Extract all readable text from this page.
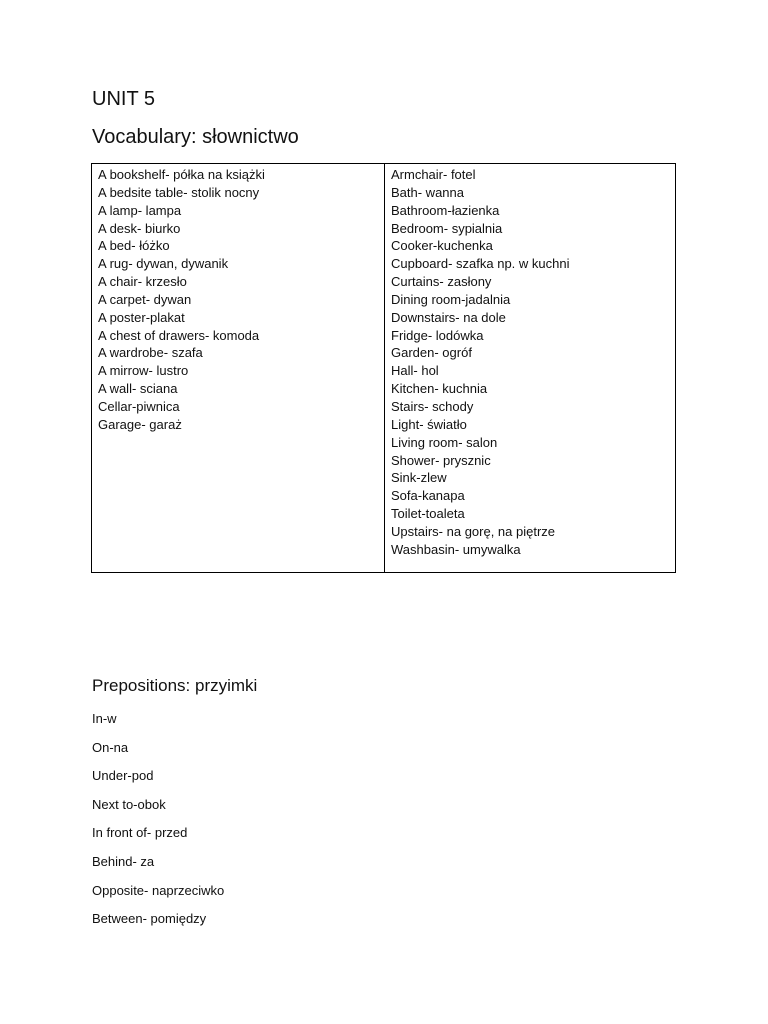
UNIT 5
Vocabulary: słownictwo
A bookshelf- półka na książki
A bedsite table- stolik nocny
A lamp- lampa
A desk- biurko
A bed- łóżko
A rug- dywan, dywanik
A chair- krzesło
A carpet- dywan
A poster-plakat
A chest of drawers- komoda
A wardrobe- szafa
A mirrow- lustro
A wall- sciana
Cellar-piwnica
Garage- garaż
Armchair- fotel
Bath- wanna
Bathroom-łazienka
Bedroom- sypialnia
Cooker-kuchenka
Cupboard- szafka np. w kuchni
Curtains- zasłony
Dining room-jadalnia
Downstairs- na dole
Fridge- lodówka
Garden- ogróf
Hall- hol
Kitchen- kuchnia
Stairs- schody
Light- światło
Living room- salon
Shower- prysznic
Sink-zlew
Sofa-kanapa
Toilet-toaleta
Upstairs- na gorę, na piętrze
Washbasin- umywalka
Prepositions: przyimki
In-w
On-na
Under-pod
Next to-obok
In front of- przed
Behind- za
Opposite- naprzeciwko
Between- pomiędzy
